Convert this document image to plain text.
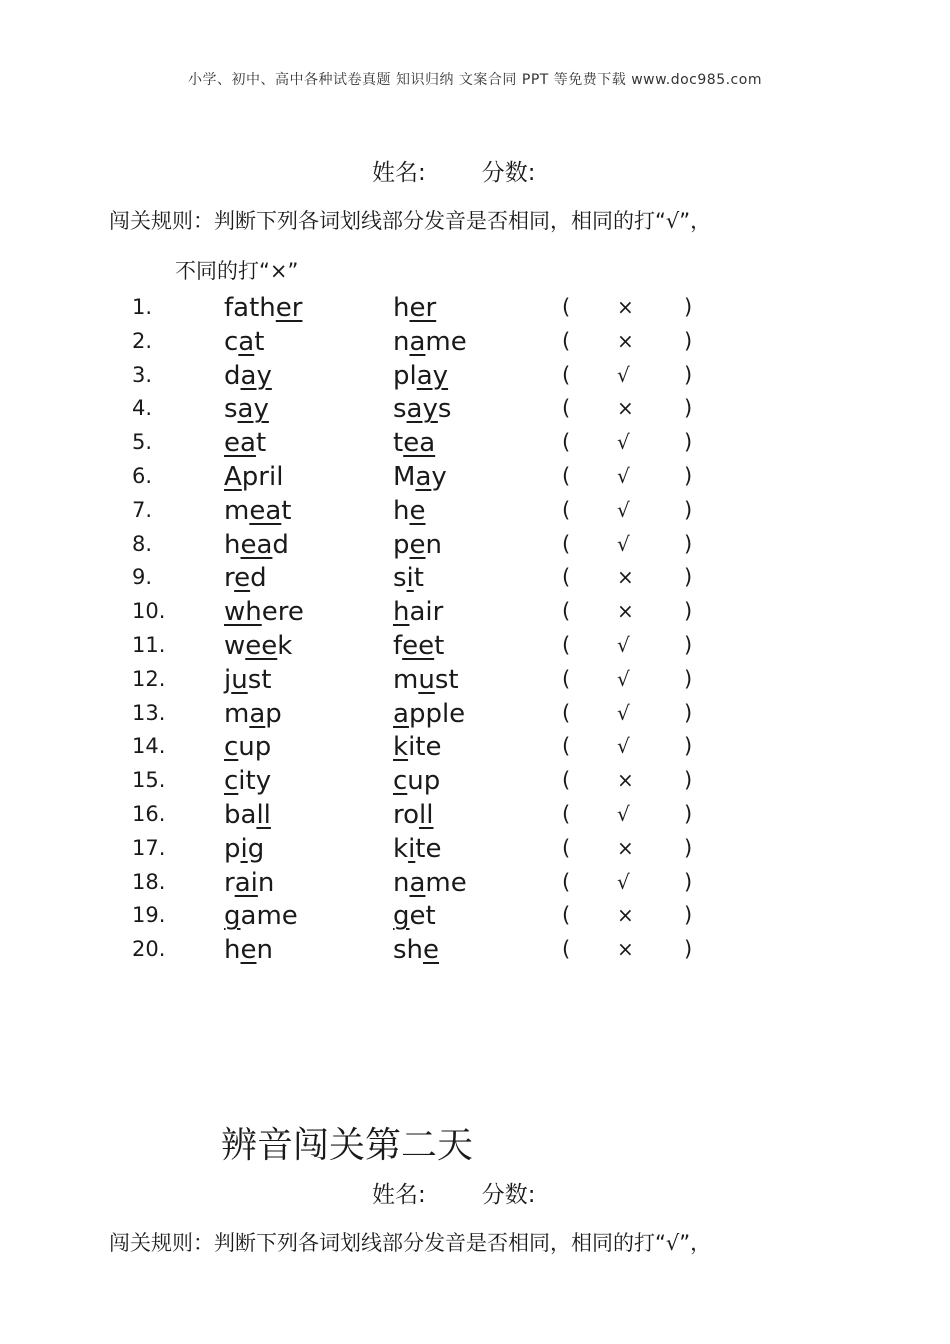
小学、初中、高中各种试卷真题 知识归纳 文案合同 PPT 等免费下载 www.doc985.com
姓名: 分数:
闯关规则：判断下列各词划线部分发音是否相同，相同的打“√”，
不同的打“×”
1.	father	her	( × )
2.	cat	name	( × )
3.	day	play	( √	)
4.	say	says	( × )
5.	eat	tea	( √	)
6.	April	May	( √	)
7.	meat	he	( √	)
8.	head	pen	( √	)
9.	red	sit	( × )
10. where	hair	( × )
11. week	feet	( √	)
12. just	must	( √	)
13. map	apple	( √	)
14. cup	kite	( √	)
15. city	cup	( × )
16. ball	roll	( √	)
17. pig	kite	( × )
18. rain	name	( √	)
19. game	get	( × )
20. hen	she	( × )
辨音闯关第二天
姓名: 分数:
闯关规则：判断下列各词划线部分发音是否相同，相同的打“√”，
